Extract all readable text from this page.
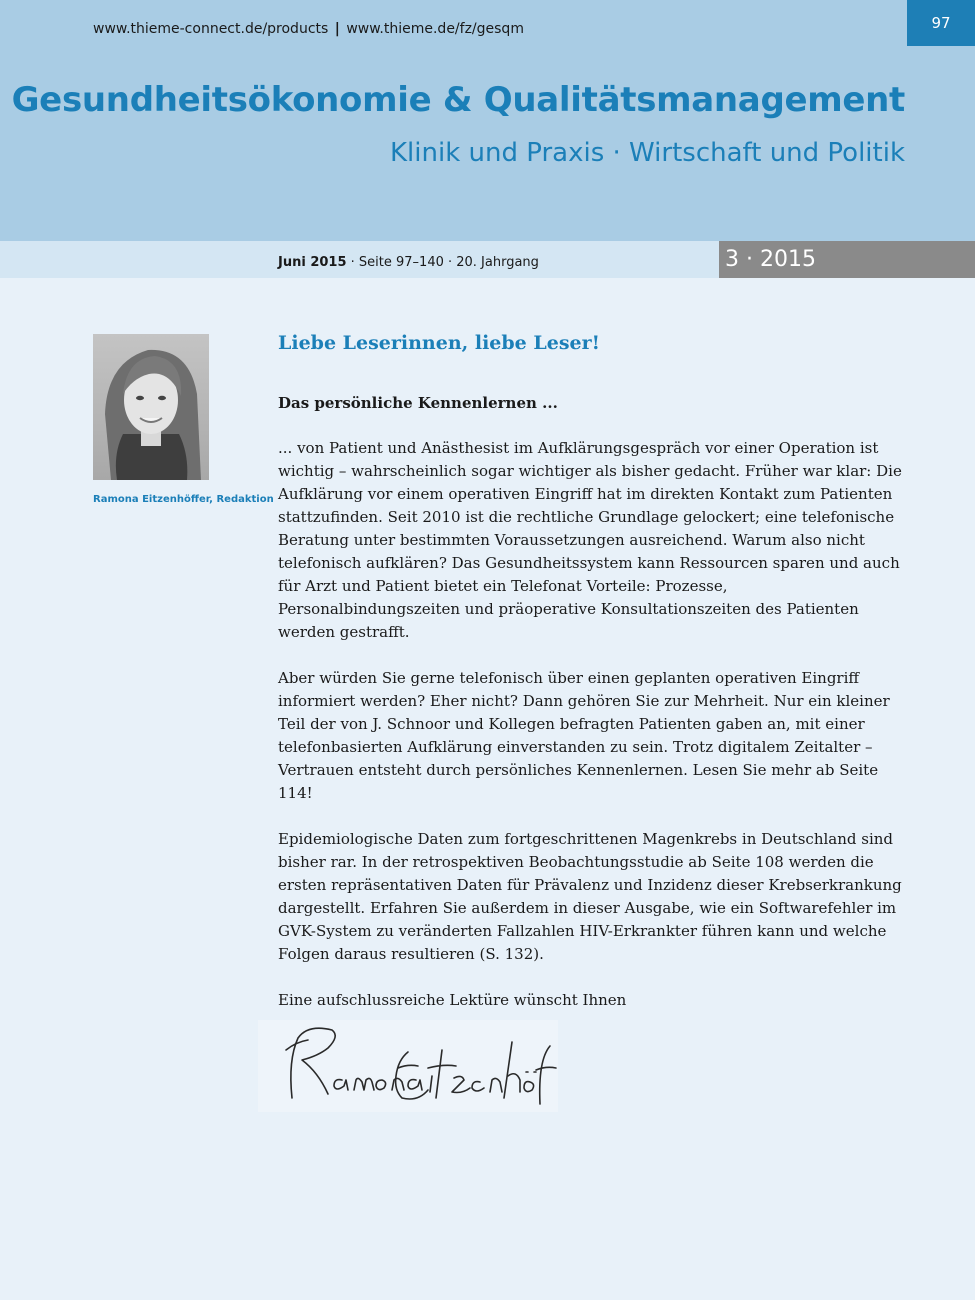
www.thieme-connect.de/products | www.thieme.de/fz/gesqm	97
Gesundheitsökonomie & Qualitätsmanagement
Klinik und Praxis · Wirtschaft und Politik
Juni 2015 · Seite 97–140 · 20. Jahrgang	3 · 2015
Ramona Eitzenhöffer, Redaktion
Liebe Leserinnen, liebe Leser!
Das persönliche Kennenlernen ...

... von Patient und Anästhesist im Aufklärungsgespräch vor einer Operation ist wichtig – wahrscheinlich sogar wichtiger als bisher gedacht. Früher war klar: Die Aufklärung vor einem operativen Eingriff hat im direkten Kontakt zum Patienten stattzufinden. Seit 2010 ist die rechtliche Grundlage gelockert; eine telefonische Beratung unter bestimmten Voraussetzungen ausreichend. Warum also nicht telefonisch aufklären? Das Gesundheitssystem kann Ressourcen sparen und auch für Arzt und Patient bietet ein Telefonat Vorteile: Prozesse, Personalbindungszeiten und präoperative Konsultationszeiten des Patienten werden gestrafft.

Aber würden Sie gerne telefonisch über einen geplanten operativen Eingriff informiert werden? Eher nicht? Dann gehören Sie zur Mehrheit. Nur ein kleiner Teil der von J. Schnoor und Kollegen befragten Patienten gaben an, mit einer telefonbasierten Aufklärung einverstanden zu sein. Trotz digitalem Zeitalter – Vertrauen entsteht durch persönliches Kennenlernen. Lesen Sie mehr ab Seite 114!

Epidemiologische Daten zum fortgeschrittenen Magenkrebs in Deutschland sind bisher rar. In der retrospektiven Beobachtungsstudie ab Seite 108 werden die ersten repräsentativen Daten für Prävalenz und Inzidenz dieser Krebserkrankung dargestellt. Erfahren Sie außerdem in dieser Ausgabe, wie ein Softwarefehler im GVK-System zu veränderten Fallzahlen HIV-Erkrankter führen kann und welche Folgen daraus resultieren (S. 132).

Eine aufschlussreiche Lektüre wünscht Ihnen
